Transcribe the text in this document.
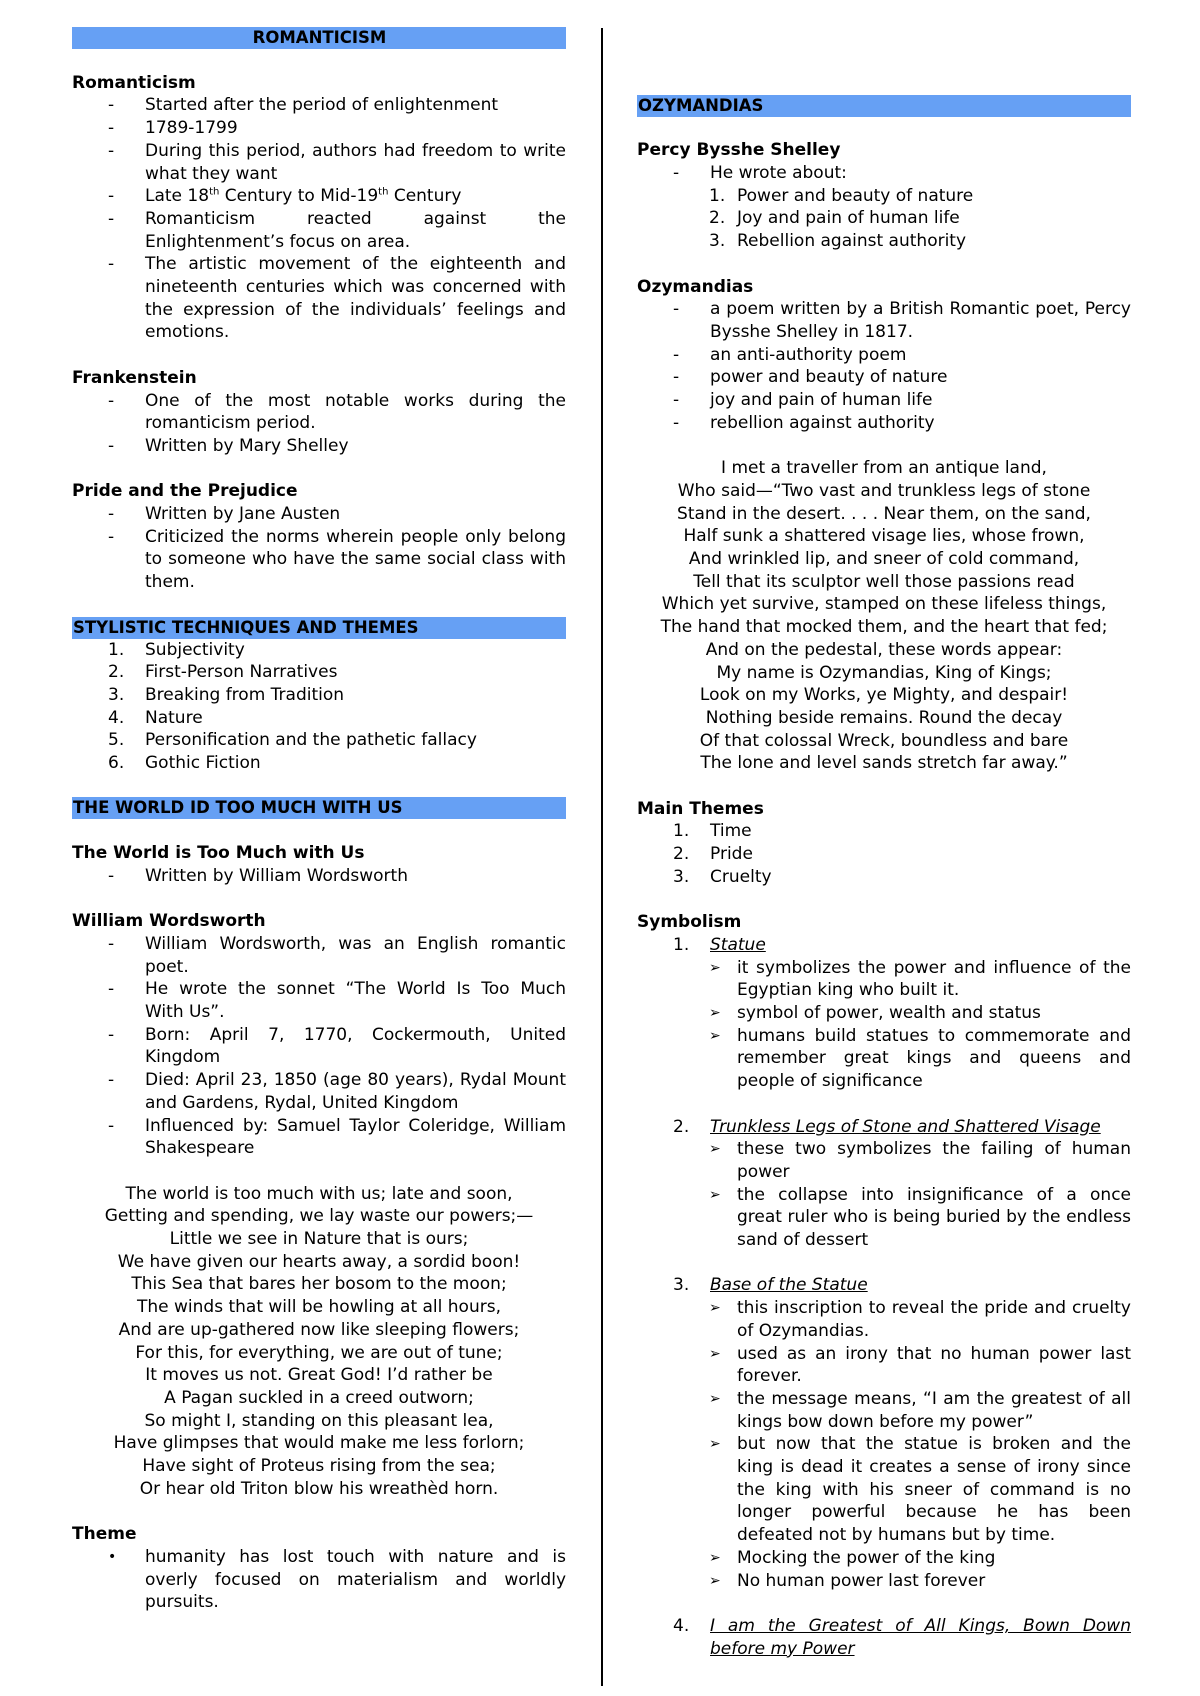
ROMANTICISM
Romanticism
- Started after the period of enlightenment
- 1789-1799
- During this period, authors had freedom to write what they want
- Late 18th Century to Mid-19th Century
- Romanticism reacted against the Enlightenment’s focus on area.
- The artistic movement of the eighteenth and nineteenth centuries which was concerned with the expression of the individuals’ feelings and emotions.
Frankenstein
- One of the most notable works during the romanticism period.
- Written by Mary Shelley
Pride and the Prejudice
- Written by Jane Austen
- Criticized the norms wherein people only belong to someone who have the same social class with them.
STYLISTIC TECHNIQUES AND THEMES
1. Subjectivity
2. First-Person Narratives
3. Breaking from Tradition
4. Nature
5. Personification and the pathetic fallacy
6. Gothic Fiction
THE WORLD ID TOO MUCH WITH US
The World is Too Much with Us
- Written by William Wordsworth
William Wordsworth
- William Wordsworth, was an English romantic poet.
- He wrote the sonnet “The World Is Too Much With Us”.
- Born: April 7, 1770, Cockermouth, United Kingdom
- Died: April 23, 1850 (age 80 years), Rydal Mount and Gardens, Rydal, United Kingdom
- Influenced by: Samuel Taylor Coleridge, William Shakespeare
The world is too much with us; late and soon,
Getting and spending, we lay waste our powers;—
Little we see in Nature that is ours;
We have given our hearts away, a sordid boon!
This Sea that bares her bosom to the moon;
The winds that will be howling at all hours,
And are up-gathered now like sleeping flowers;
For this, for everything, we are out of tune;
It moves us not. Great God! I’d rather be
A Pagan suckled in a creed outworn;
So might I, standing on this pleasant lea,
Have glimpses that would make me less forlorn;
Have sight of Proteus rising from the sea;
Or hear old Triton blow his wreathèd horn.
Theme
• humanity has lost touch with nature and is overly focused on materialism and worldly pursuits.
OZYMANDIAS
Percy Bysshe Shelley
- He wrote about:
1. Power and beauty of nature
2. Joy and pain of human life
3. Rebellion against authority
Ozymandias
- a poem written by a British Romantic poet, Percy Bysshe Shelley in 1817.
- an anti-authority poem
- power and beauty of nature
- joy and pain of human life
- rebellion against authority
I met a traveller from an antique land,
Who said—“Two vast and trunkless legs of stone
Stand in the desert. . . . Near them, on the sand,
Half sunk a shattered visage lies, whose frown,
And wrinkled lip, and sneer of cold command,
Tell that its sculptor well those passions read
Which yet survive, stamped on these lifeless things,
The hand that mocked them, and the heart that fed;
And on the pedestal, these words appear:
My name is Ozymandias, King of Kings;
Look on my Works, ye Mighty, and despair!
Nothing beside remains. Round the decay
Of that colossal Wreck, boundless and bare
The lone and level sands stretch far away.”
Main Themes
1. Time
2. Pride
3. Cruelty
Symbolism
1. Statue
➢ it symbolizes the power and influence of the Egyptian king who built it.
➢ symbol of power, wealth and status
➢ humans build statues to commemorate and remember great kings and queens and people of significance
2. Trunkless Legs of Stone and Shattered Visage
➢ these two symbolizes the failing of human power
➢ the collapse into insignificance of a once great ruler who is being buried by the endless sand of dessert
3. Base of the Statue
➢ this inscription to reveal the pride and cruelty of Ozymandias.
➢ used as an irony that no human power last forever.
➢ the message means, “I am the greatest of all kings bow down before my power”
➢ but now that the statue is broken and the king is dead it creates a sense of irony since the king with his sneer of command is no longer powerful because he has been defeated not by humans but by time.
➢ Mocking the power of the king
➢ No human power last forever
4. I am the Greatest of All Kings, Bown Down before my Power
